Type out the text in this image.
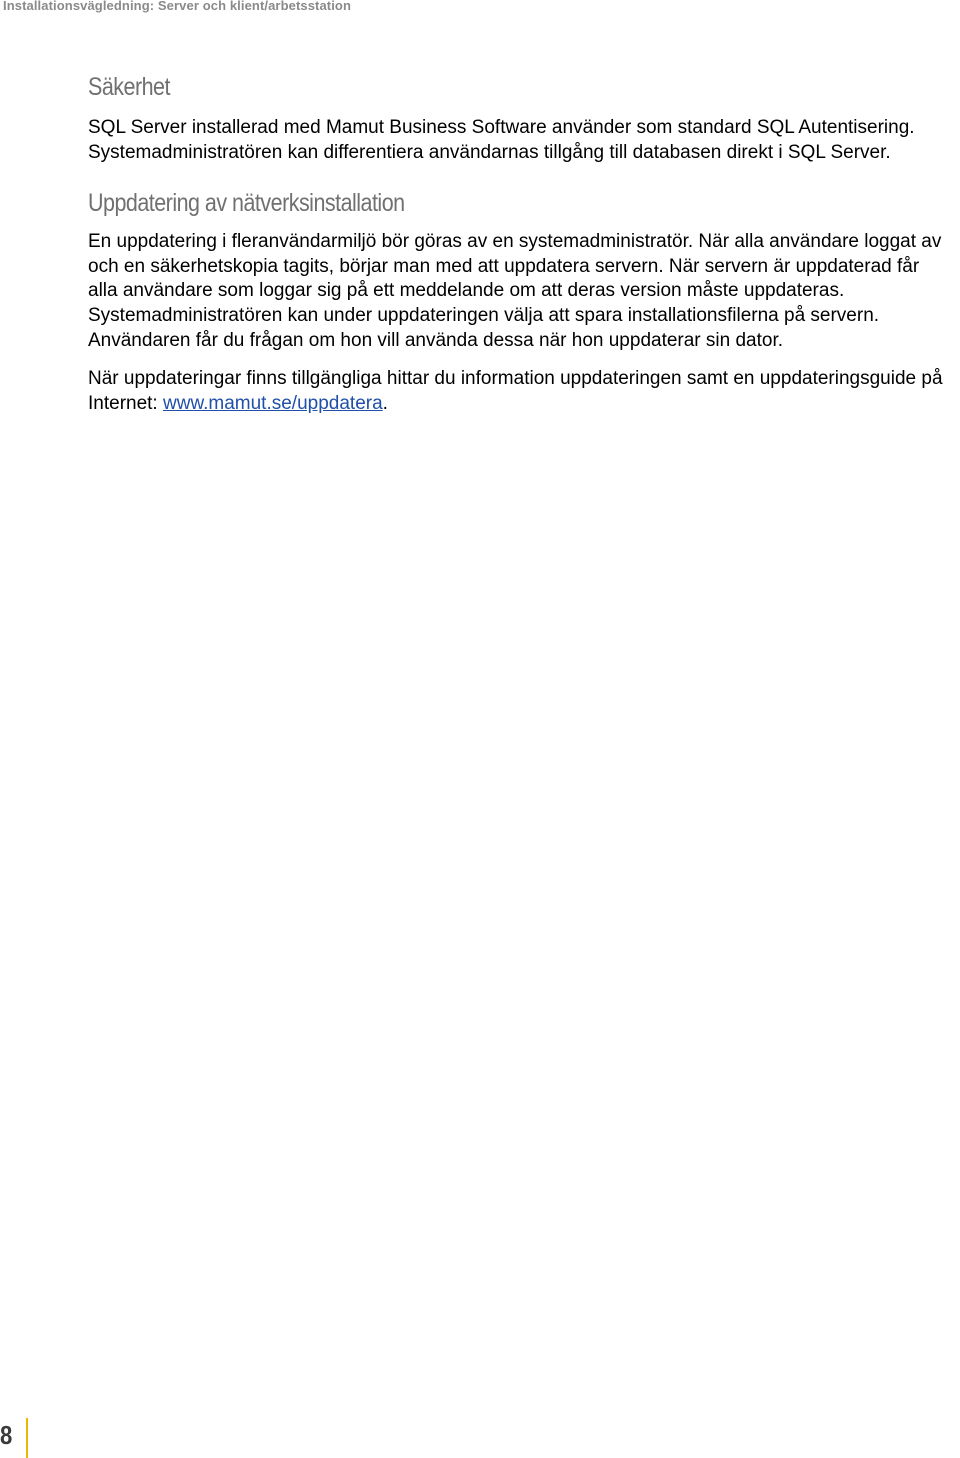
Installationsvägledning: Server och klient/arbetsstation
Säkerhet

SQL Server installerad med Mamut Business Software använder som standard SQL Autentisering. Systemadministratören kan differentiera användarnas tillgång till databasen direkt i SQL Server.

Uppdatering av nätverksinstallation

En uppdatering i fleranvändarmiljö bör göras av en systemadministratör. När alla användare loggat av och en säkerhetskopia tagits, börjar man med att uppdatera servern. När servern är uppdaterad får alla användare som loggar sig på ett meddelande om att deras version måste uppdateras. Systemadministratören kan under uppdateringen välja att spara installationsfilerna på servern. Användaren får du frågan om hon vill använda dessa när hon uppdaterar sin dator.

När uppdateringar finns tillgängliga hittar du information uppdateringen samt en uppdateringsguide på Internet: www.mamut.se/uppdatera.

8
